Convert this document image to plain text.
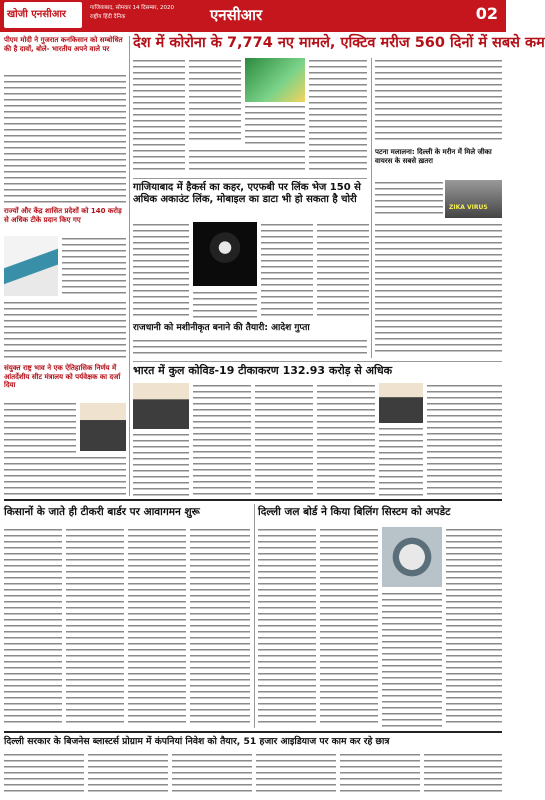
खोजी एनसीआर
गाजियाबाद, सोमवार 14 दिसम्बर, 2020
राष्ट्रीय हिंदी दैनिक	एनसीआर	02
पीएम मोदी ने गुजरात कनकिसान को सम्बोधित की है दावों, बोले- भारतीय अपने वाले पर
राज्यों और केंद्र शासित प्रदेशों को 140 करोड़ से अधिक टीके प्रदान किए गए
संयुक्त राष्ट्र भाव ने एक ऐतिहासिक निर्णय में आंतर्देशीय सीट मंत्रालय को पर्यवेक्षक का दर्जा दिया
देश में कोरोना के 7,774 नए मामले, एक्टिव मरीज 560 दिनों में सबसे कम
पटना मलालना: दिल्ली के मरीन में मिले जीका वायरस के सबसे ख़तरा
ZIKA VIRUS
गाजियाबाद में हैकर्स का कहर, एएफबी पर लिंक भेज 150 से अधिक अकाउंट लिंक, मोबाइल का डाटा भी हो सकता है चोरी
राजधानी को मशीनीकृत बनाने की तैयारी: आदेश गुप्ता
भारत में कुल कोविड-19 टीकाकरण 132.93 करोड़ से अधिक
किसानों के जाते ही टीकरी बार्डर पर आवागमन शुरू	दिल्ली जल बोर्ड ने किया बिलिंग सिस्टम को अपडेट
दिल्ली सरकार के बिजनेस ब्लास्टर्स प्रोग्राम में कंपनियां निवेश को तैयार, 51 हजार आइडियाज पर काम कर रहे छात्र
